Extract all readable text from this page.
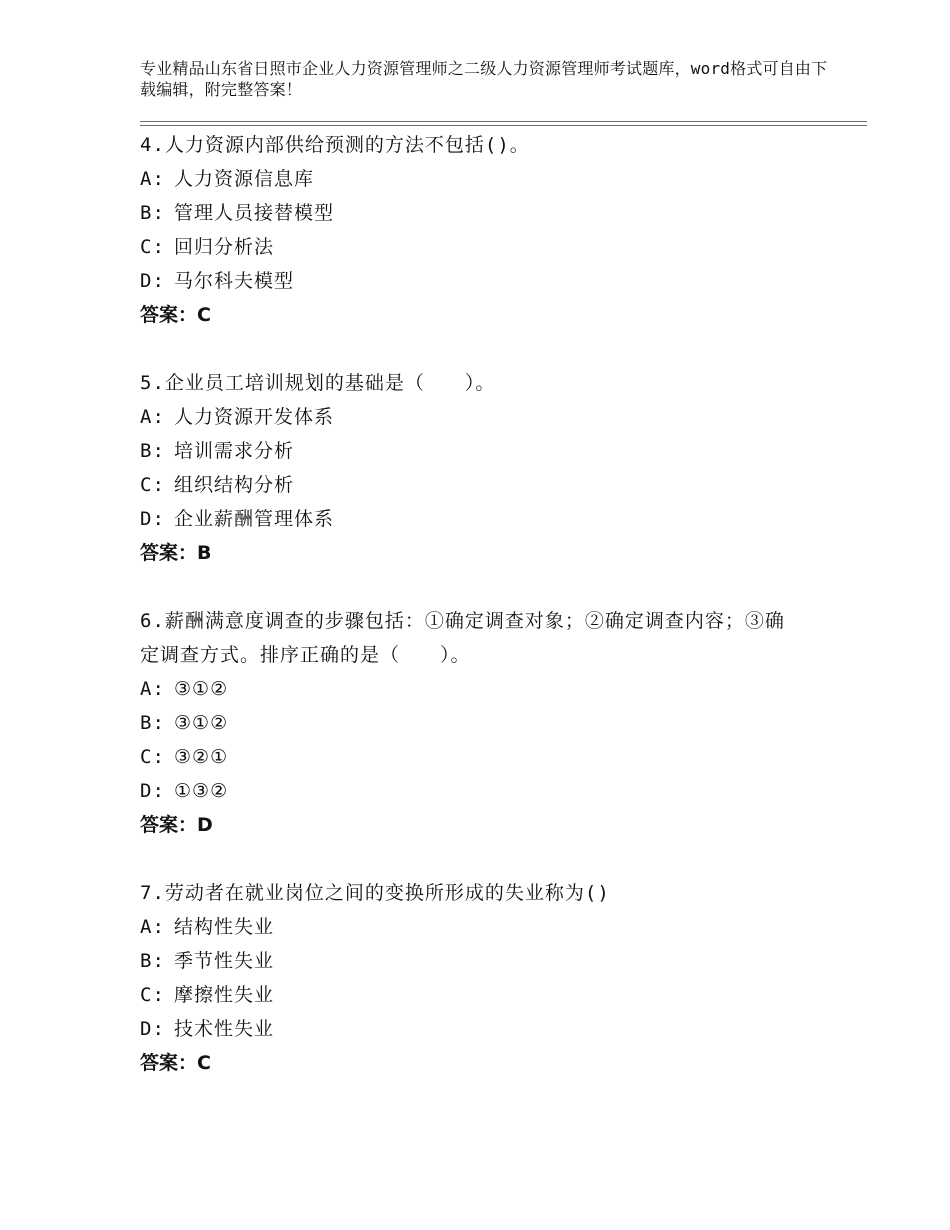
专业精品山东省日照市企业人力资源管理师之二级人力资源管理师考试题库，word格式可自由下载编辑，附完整答案！
4.人力资源内部供给预测的方法不包括()。
A: 人力资源信息库
B: 管理人员接替模型
C: 回归分析法
D: 马尔科夫模型
答案：C
5.企业员工培训规划的基础是（　　）。
A: 人力资源开发体系
B: 培训需求分析
C: 组织结构分析
D: 企业薪酬管理体系
答案：B
6.薪酬满意度调查的步骤包括：①确定调查对象；②确定调查内容；③确定调查方式。排序正确的是（　　）。
A: ③①②
B: ③①②
C: ③②①
D: ①③②
答案：D
7.劳动者在就业岗位之间的变换所形成的失业称为()
A: 结构性失业
B: 季节性失业
C: 摩擦性失业
D: 技术性失业
答案：C
